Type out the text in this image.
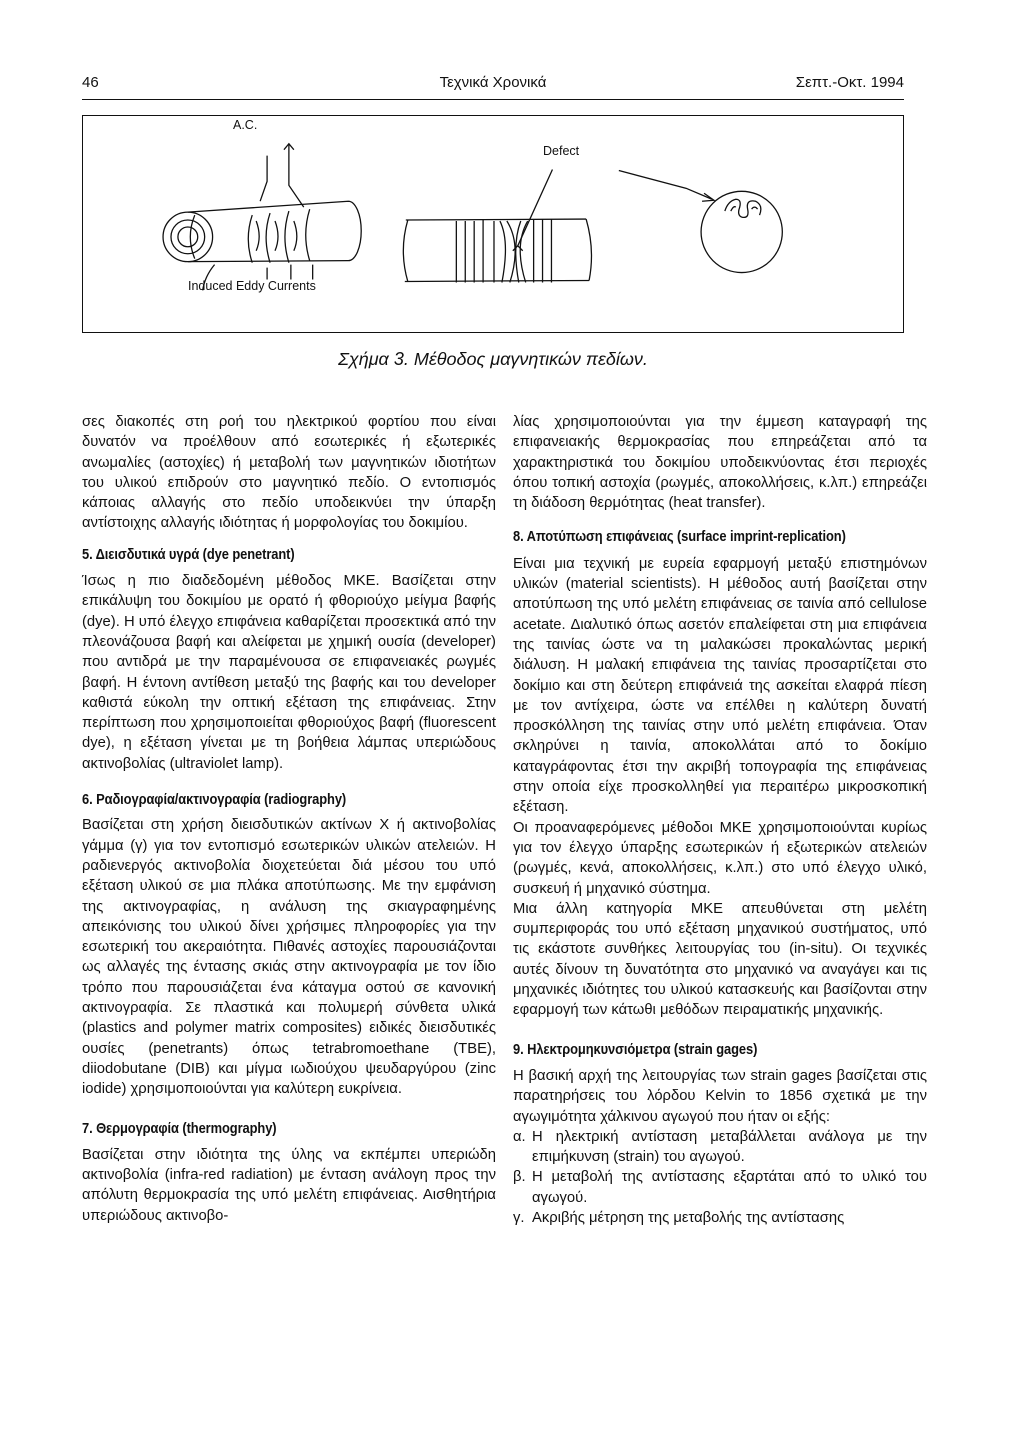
46	Τεχνικά Χρονικά	Σεπτ.-Οκτ. 1994
A.C.
Defect
Induced Eddy Currents
Σχήμα 3. Μέθοδος μαγνητικών πεδίων.

σες διακοπές στη ροή του ηλεκτρικού φορτίου που είναι δυνατόν να προέλθουν από εσωτερικές ή εξωτερικές ανωμαλίες (αστοχίες) ή μεταβολή των μαγνητικών ιδιοτήτων του υλικού επιδρούν στο μαγνητικό πεδίο. Ο εντοπισμός κάποιας αλλαγής στο πεδίο υποδεικνύει την ύπαρξη αντίστοιχης αλλαγής ιδιότητας ή μορφολογίας του δοκιμίου.

5. Διεισδυτικά υγρά (dye penetrant)

Ίσως η πιο διαδεδομένη μέθοδος ΜΚΕ. Βασίζεται στην επικάλυψη του δοκιμίου με ορατό ή φθοριούχο μείγμα βαφής (dye). Η υπό έλεγχο επιφάνεια καθαρίζεται προσεκτικά από την πλεονάζουσα βαφή και αλείφεται με χημική ουσία (developer) που αντιδρά με την παραμένουσα σε επιφανειακές ρωγμές βαφή. Η έντονη αντίθεση μεταξύ της βαφής και του developer καθιστά εύκολη την οπτική εξέταση της επιφάνειας. Στην περίπτωση που χρησιμοποιείται φθοριούχος βαφή (fluorescent dye), η εξέταση γίνεται με τη βοήθεια λάμπας υπεριώδους ακτινοβολίας (ultraviolet lamp).

6. Ραδιογραφία/ακτινογραφία (radiography)

Βασίζεται στη χρήση διεισδυτικών ακτίνων Χ ή ακτινοβολίας γάμμα (γ) για τον εντοπισμό εσωτερικών υλικών ατελειών. Η ραδιενεργός ακτινοβολία διοχετεύεται διά μέσου του υπό εξέταση υλικού σε μια πλάκα αποτύπωσης. Με την εμφάνιση της ακτινογραφίας, η ανάλυση της σκιαγραφημένης απεικόνισης του υλικού δίνει χρήσιμες πληροφορίες για την εσωτερική του ακεραιότητα. Πιθανές αστοχίες παρουσιάζονται ως αλλαγές της έντασης σκιάς στην ακτινογραφία με τον ίδιο τρόπο που παρουσιάζεται ένα κάταγμα οστού σε κανονική ακτινογραφία. Σε πλαστικά και πολυμερή σύνθετα υλικά (plastics and polymer matrix composites) ειδικές διεισδυτικές ουσίες (penetrants) όπως tetrabromoethane (TBE), diiodobutane (DIB) και μίγμα ιωδιούχου ψευδαργύρου (zinc iodide) χρησιμοποιούνται για καλύτερη ευκρίνεια.

7. Θερμογραφία (thermography)

Βασίζεται στην ιδιότητα της ύλης να εκπέμπει υπεριώδη ακτινοβολία (infra-red radiation) με ένταση ανάλογη προς την απόλυτη θερμοκρασία της υπό μελέτη επιφάνειας. Αισθητήρια υπεριώδους ακτινοβο-

λίας χρησιμοποιούνται για την έμμεση καταγραφή της επιφανειακής θερμοκρασίας που επηρεάζεται από τα χαρακτηριστικά του δοκιμίου υποδεικνύοντας έτσι περιοχές όπου τοπική αστοχία (ρωγμές, αποκολλήσεις, κ.λπ.) επηρεάζει τη διάδοση θερμότητας (heat transfer).

8. Αποτύπωση επιφάνειας (surface imprint-replication)

Είναι μια τεχνική με ευρεία εφαρμογή μεταξύ επιστημόνων υλικών (material scientists). Η μέθοδος αυτή βασίζεται στην αποτύπωση της υπό μελέτη επιφάνειας σε ταινία από cellulose acetate. Διαλυτικό όπως ασετόν επαλείφεται στη μια επιφάνεια της ταινίας ώστε να τη μαλακώσει προκαλώντας μερική διάλυση. Η μαλακή επιφάνεια της ταινίας προσαρτίζεται στο δοκίμιο και στη δεύτερη επιφάνειά της ασκείται ελαφρά πίεση με τον αντίχειρα, ώστε να επέλθει η καλύτερη δυνατή προσκόλληση της ταινίας στην υπό μελέτη επιφάνεια. Όταν σκληρύνει η ταινία, αποκολλάται από το δοκίμιο καταγράφοντας έτσι την ακριβή τοπογραφία της επιφάνειας στην οποία είχε προσκολληθεί για περαιτέρω μικροσκοπική εξέταση.

Οι προαναφερόμενες μέθοδοι ΜΚΕ χρησιμοποιούνται κυρίως για τον έλεγχο ύπαρξης εσωτερικών ή εξωτερικών ατελειών (ρωγμές, κενά, αποκολλήσεις, κ.λπ.) στο υπό έλεγχο υλικό, συσκευή ή μηχανικό σύστημα.

Μια άλλη κατηγορία ΜΚΕ απευθύνεται στη μελέτη συμπεριφοράς του υπό εξέταση μηχανικού συστήματος, υπό τις εκάστοτε συνθήκες λειτουργίας του (in-situ). Οι τεχνικές αυτές δίνουν τη δυνατότητα στο μηχανικό να αναγάγει και τις μηχανικές ιδιότητες του υλικού κατασκευής και βασίζονται στην εφαρμογή των κάτωθι μεθόδων πειραματικής μηχανικής.

9. Ηλεκτρομηκυνσιόμετρα (strain gages)

Η βασική αρχή της λειτουργίας των strain gages βασίζεται στις παρατηρήσεις του λόρδου Kelvin το 1856 σχετικά με την αγωγιμότητα χάλκινου αγωγού που ήταν οι εξής:

α. Η ηλεκτρική αντίσταση μεταβάλλεται ανάλογα με την επιμήκυνση (strain) του αγωγού.
β. Η μεταβολή της αντίστασης εξαρτάται από το υλικό του αγωγού.
γ. Ακριβής μέτρηση της μεταβολής της αντίστασης
